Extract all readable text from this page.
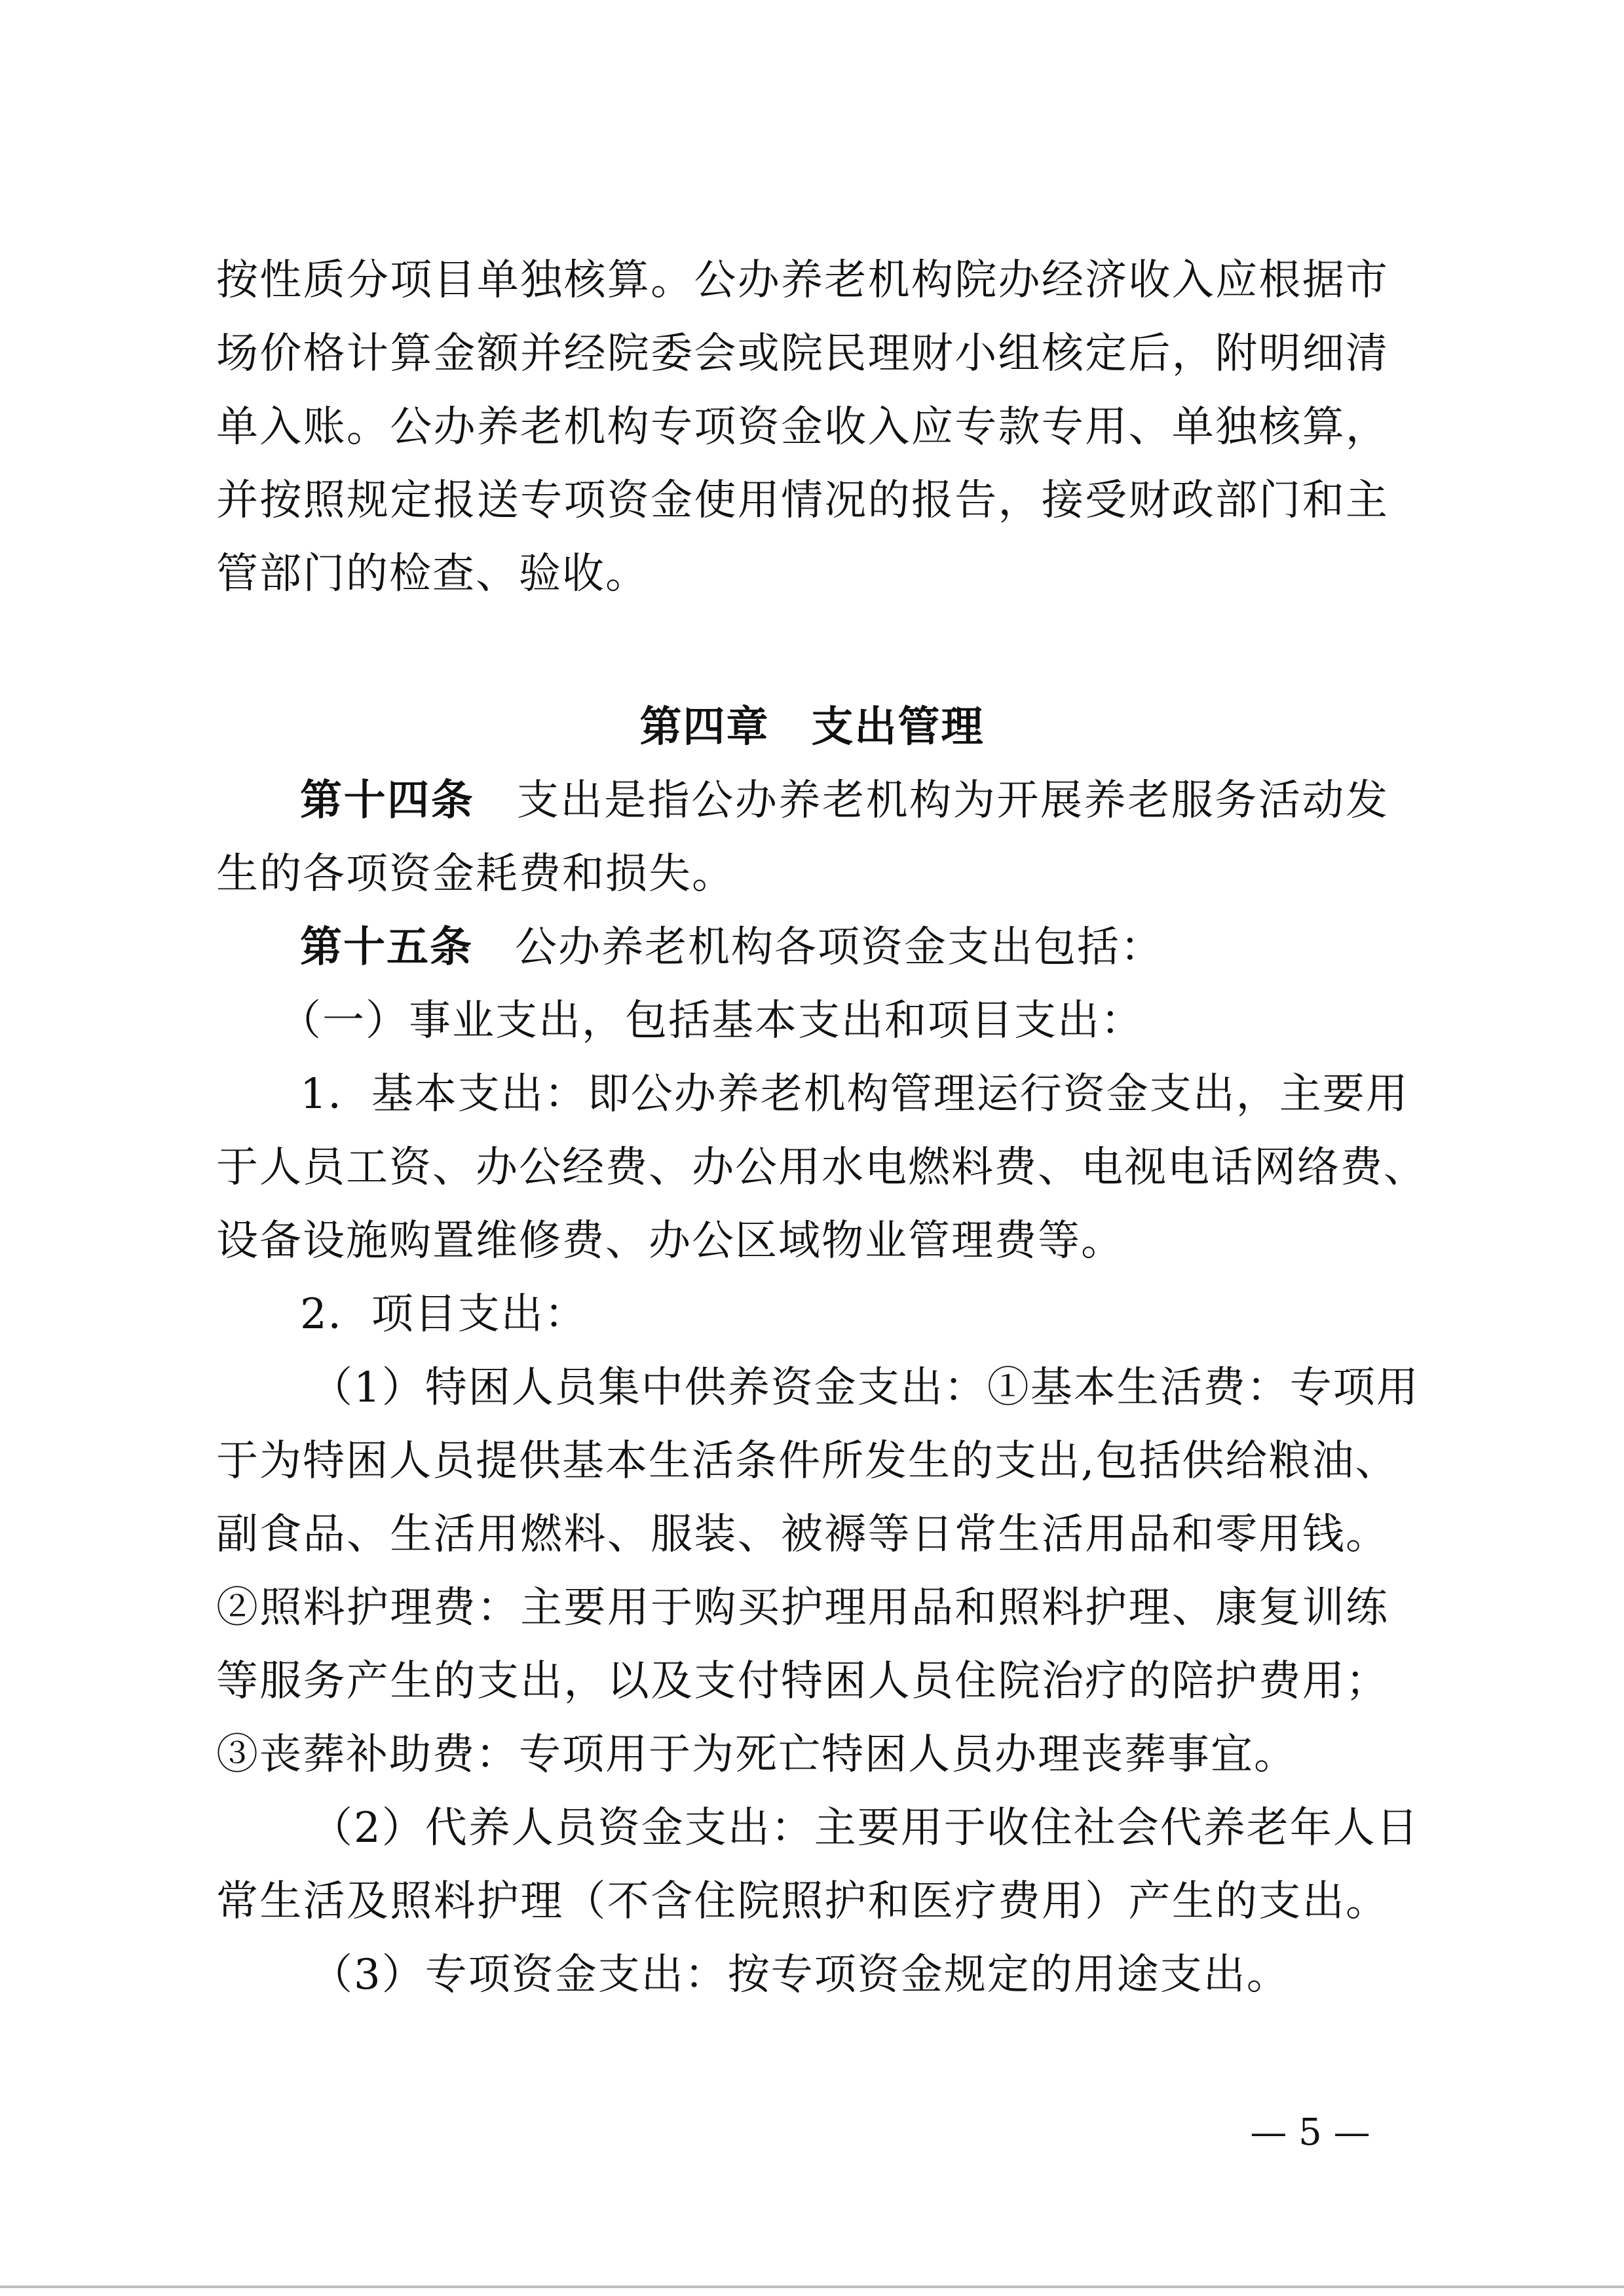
按性质分项目单独核算。公办养老机构院办经济收入应根据市
场价格计算金额并经院委会或院民理财小组核定后，附明细清
单入账。公办养老机构专项资金收入应专款专用、单独核算，
并按照规定报送专项资金使用情况的报告，接受财政部门和主
管部门的检查、验收。
第四章 支出管理
第十四条 支出是指公办养老机构为开展养老服务活动发
生的各项资金耗费和损失。
第十五条 公办养老机构各项资金支出包括：
（一）事业支出，包括基本支出和项目支出：
1．基本支出：即公办养老机构管理运行资金支出，主要用
于人员工资、办公经费、办公用水电燃料费、电视电话网络费、
设备设施购置维修费、办公区域物业管理费等。
2．项目支出：
（1）特困人员集中供养资金支出：①基本生活费：专项用
于为特困人员提供基本生活条件所发生的支出,包括供给粮油、
副食品、生活用燃料、服装、被褥等日常生活用品和零用钱。
②照料护理费：主要用于购买护理用品和照料护理、康复训练
等服务产生的支出，以及支付特困人员住院治疗的陪护费用；
③丧葬补助费：专项用于为死亡特困人员办理丧葬事宜。
（2）代养人员资金支出：主要用于收住社会代养老年人日
常生活及照料护理（不含住院照护和医疗费用）产生的支出。
（3）专项资金支出：按专项资金规定的用途支出。
— 5 —
